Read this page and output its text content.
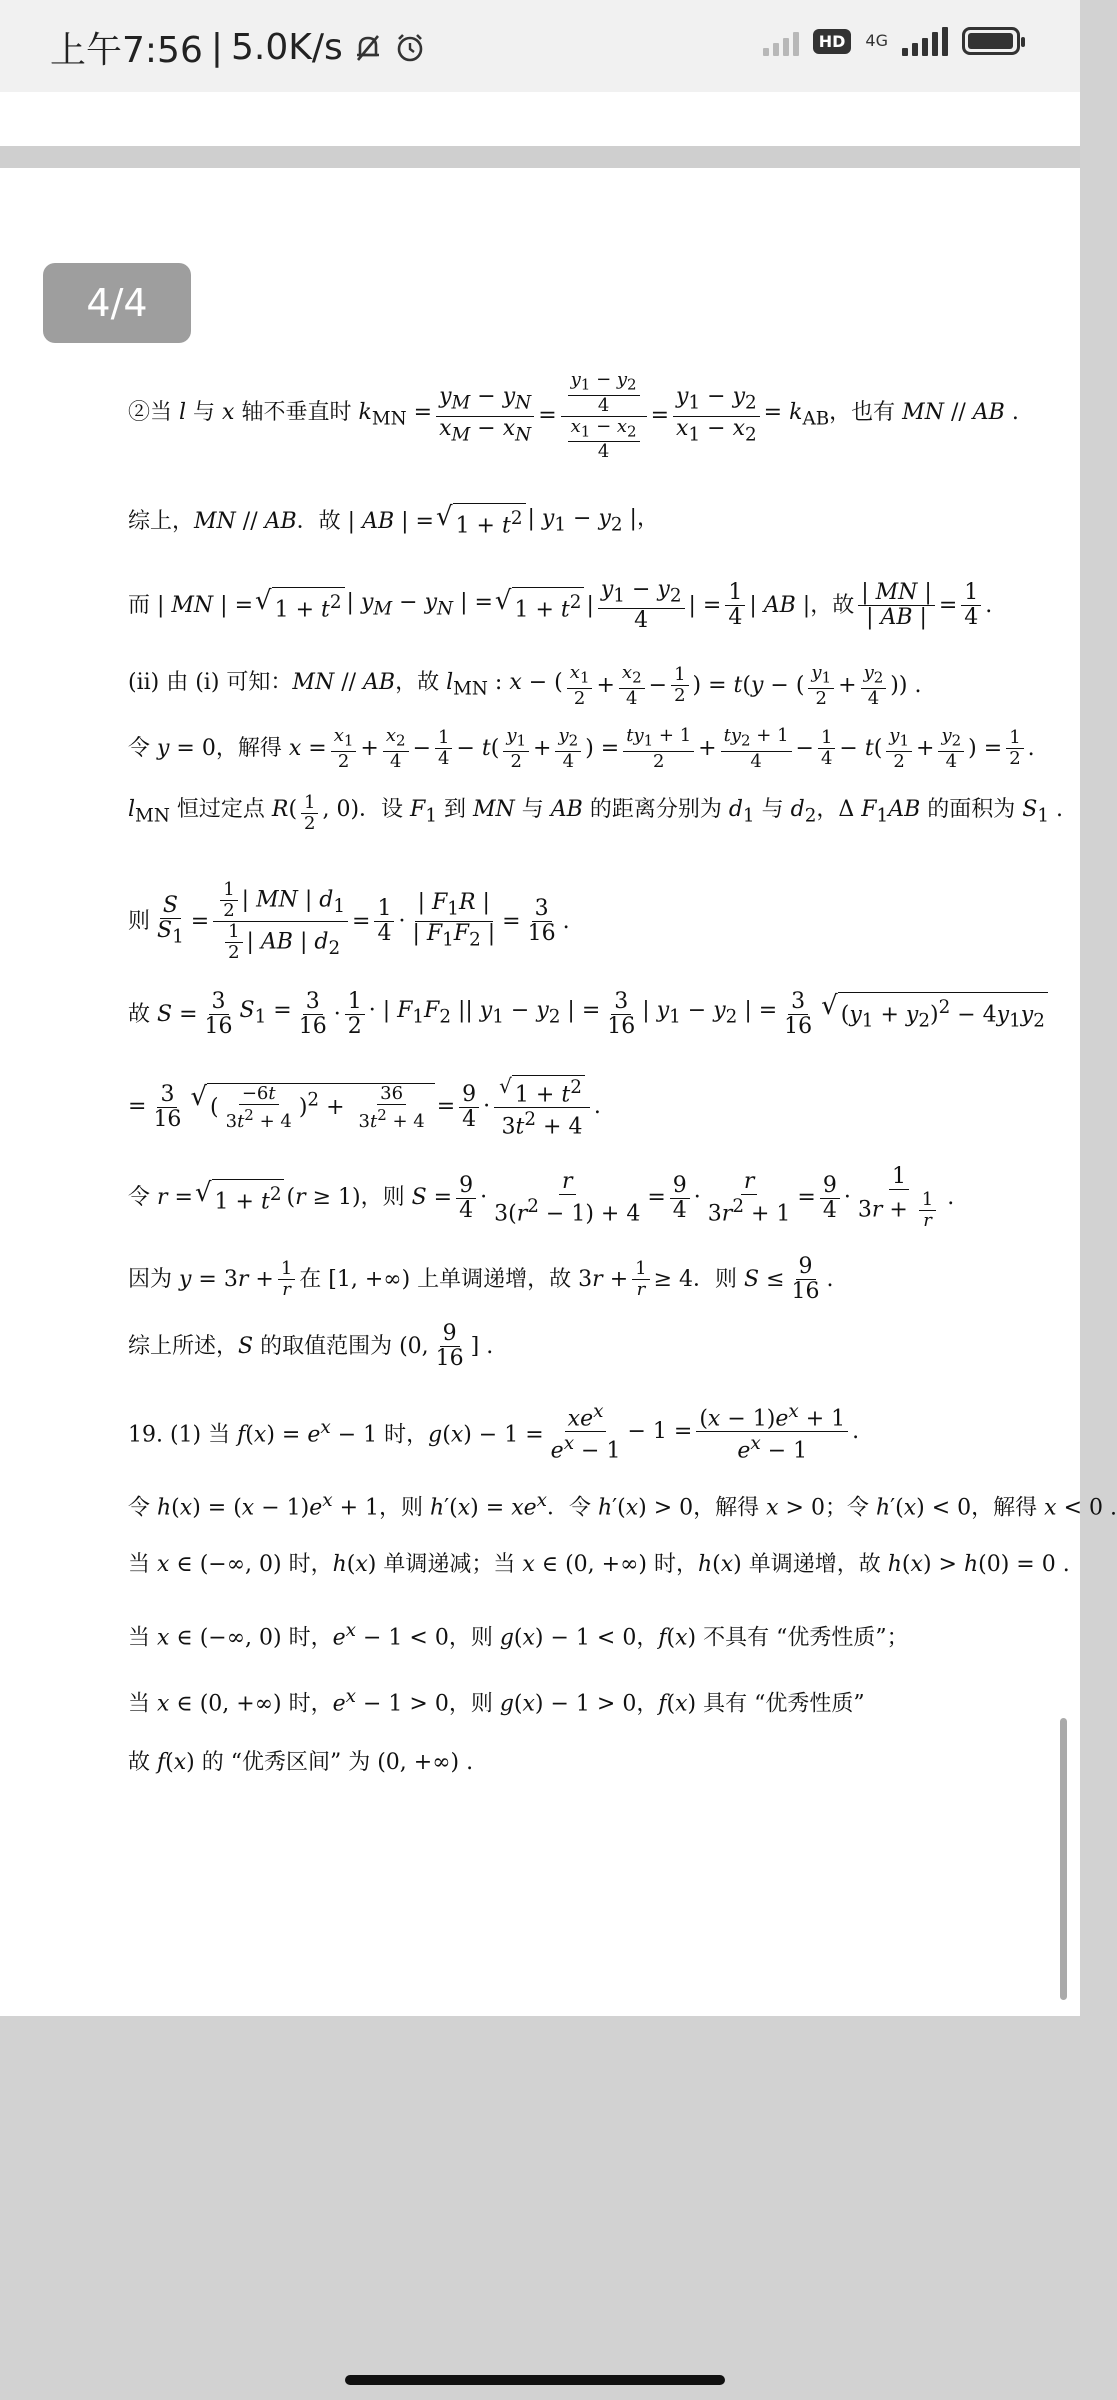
上午7:56 | 5.0K/s	HD	4G
4/4
②当 l 与 x 轴不垂直时 $k_{MN} = \frac{y_M - y_N}{x_M - x_N} = \frac{\frac{y_1 - y_2}{4}}{\frac{x_1 - x_2}{4}} = \frac{y_1 - y_2}{x_1 - x_2} = k_{AB}$，也有 MN // AB .
综上，MN // AB．故 | AB | = √ $1 + t^2$ | $y_1 - y_2$ |，
而 | MN | = √ $1 + t^2$ | $y_M - y_N$ | = √ $1 + t^2$ | $\frac{y_1 - y_2}{4}$ | = $\frac{1}{4}$ | AB |，故 $\frac{| MN |}{| AB |} = \frac{1}{4}$ .
(ii) 由 (i) 可知：MN // AB，故 $l_{MN}$ : x − ( $\frac{x_1}{2} + \frac{x_2}{4} - \frac{1}{2}$ ) = t(y − ( $\frac{y_1}{2} + \frac{y_2}{4}$ )) .
令 y = 0，解得 $x = \frac{x_1}{2} + \frac{x_2}{4} - \frac{1}{4} - t( \frac{y_1}{2} + \frac{y_2}{4}$ ) = $\frac{ty_1 + 1}{2} + \frac{ty_2 + 1}{4} - \frac{1}{4} - t( \frac{y_1}{2} + \frac{y_2}{4}$ ) = $\frac{1}{2}$ .
$l_{MN}$ 恒过定点 $R( \frac{1}{2}$ , 0)．设 $F_1$ 到 MN 与 AB 的距离分别为 $d_1$ 与 $d_2$，Δ $F_1AB$ 的面积为 $S_1$ .
则 $\frac{S}{S_1} = \frac{\frac{1}{2} | MN | d_1}{\frac{1}{2} | AB | d_2} = \frac{1}{4} \cdot \frac{| F_1R |}{| F_1F_2 |} = \frac{3}{16}$ .
故 $S = \frac{3}{16} S_1 = \frac{3}{16} \cdot \frac{1}{2}$ · | $F_1F_2$ || $y_1 - y_2$ | = $\frac{3}{16}$ | $y_1 - y_2$ | = $\frac{3}{16}$ √ $(y_1 + y_2)^2 - 4y_1y_2$
= $\frac{3}{16}$ √ ( $\frac{-6t}{3t^2 + 4} )^2 + \frac{36}{3t^2 + 4} = \frac{9}{4} \cdot \frac{√ 1 + t^2}{3t^2 + 4}$ .
令 r = √ $1 + t^2$ (r ≥ 1)，则 $S = \frac{9}{4} \cdot \frac{r}{3(r^2 - 1) + 4} = \frac{9}{4} \cdot \frac{r}{3r^2 + 1} = \frac{9}{4} \cdot \frac{1}{3r + \frac{1}{r}}$ .
因为 $y = 3r + \frac{1}{r}$ 在 [1, +∞) 上单调递增，故 $3r + \frac{1}{r} \ge 4$．则 $S \le \frac{9}{16}$ .
综上所述，S 的取值范围为 (0, $\frac{9}{16}$ ] .
19. (1) 当 $f(x) = e^x - 1$ 时，$g(x) - 1 = \frac{xe^x}{e^x - 1} - 1 = \frac{(x - 1)e^x + 1}{e^x - 1}$ .
令 $h(x) = (x - 1)e^x + 1$，则 $h'(x) = xe^x$．令 h′(x) > 0，解得 x > 0；令 h′(x) < 0，解得 x < 0 .
当 x ∈ (−∞, 0) 时，h(x) 单调递减；当 x ∈ (0, +∞) 时，h(x) 单调递增，故 h(x) > h(0) = 0 .
当 x ∈ (−∞, 0) 时，$e^x - 1 < 0$，则 g(x) − 1 < 0，f(x) 不具有 “优秀性质”；
当 x ∈ (0, +∞) 时，$e^x - 1 > 0$，则 g(x) − 1 > 0，f(x) 具有 “优秀性质”
故 f(x) 的 “优秀区间” 为 (0, +∞) .
